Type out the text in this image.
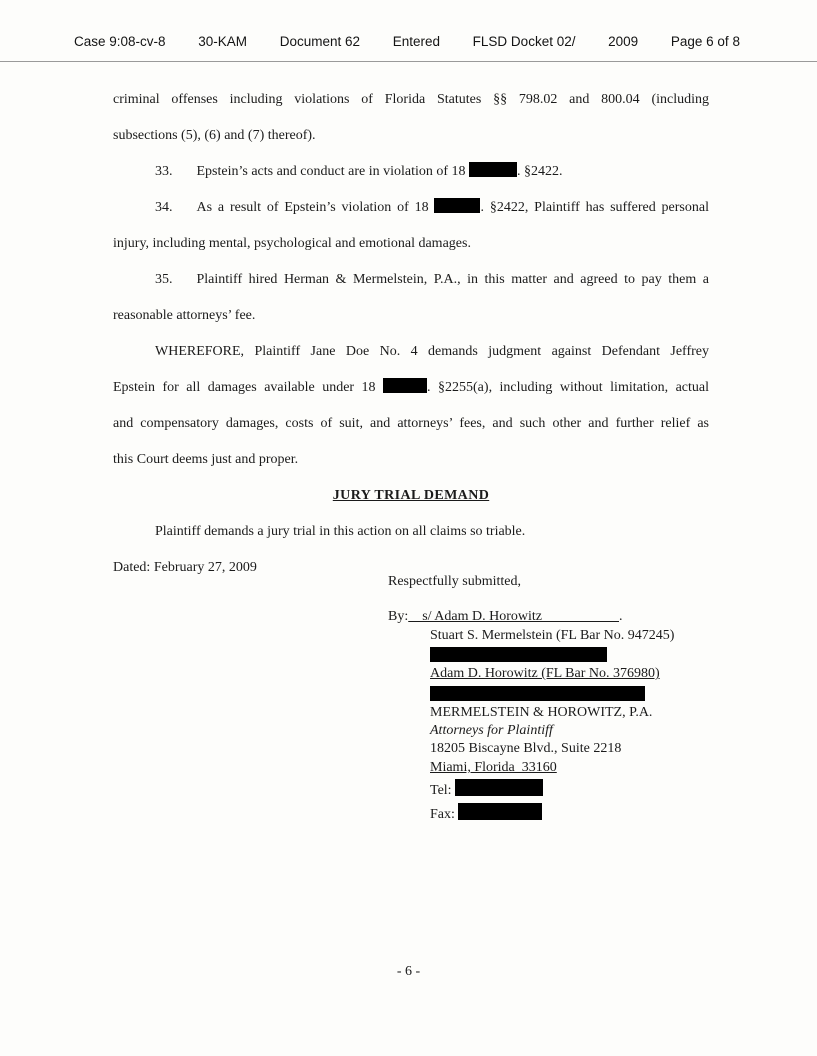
Case 9:08-cv-8 30-KAM Document 62 Entered FLSD Docket 02/ 2009 Page 6 of 8
criminal offenses including violations of Florida Statutes §§ 798.02 and 800.04 (including
subsections (5), (6) and (7) thereof).
33. Epstein’s acts and conduct are in violation of 18	. §2422.
34. As a result of Epstein’s violation of 18	. §2422, Plaintiff has suffered personal
injury, including mental, psychological and emotional damages.
35. Plaintiff hired Herman & Mermelstein, P.A., in this matter and agreed to pay them a
reasonable attorneys’ fee.
WHEREFORE, Plaintiff Jane Doe No. 4 demands judgment against Defendant Jeffrey
Epstein for all damages available under 18	. §2255(a), including without limitation, actual
and compensatory damages, costs of suit, and attorneys’ fees, and such other and further relief as
this Court deems just and proper.
JURY TRIAL DEMAND
Plaintiff demands a jury trial in this action on all claims so triable.
Dated: February 27, 2009

Respectfully submitted,

By:    s/ Adam D. Horowitz                      .

Stuart S. Mermelstein (FL Bar No. 947245)

Adam D. Horowitz (FL Bar No. 376980)

MERMELSTEIN & HOROWITZ, P.A.

Attorneys for Plaintiff

18205 Biscayne Blvd., Suite 2218

Miami, Florida  33160

Tel:

Fax:

- 6 -
